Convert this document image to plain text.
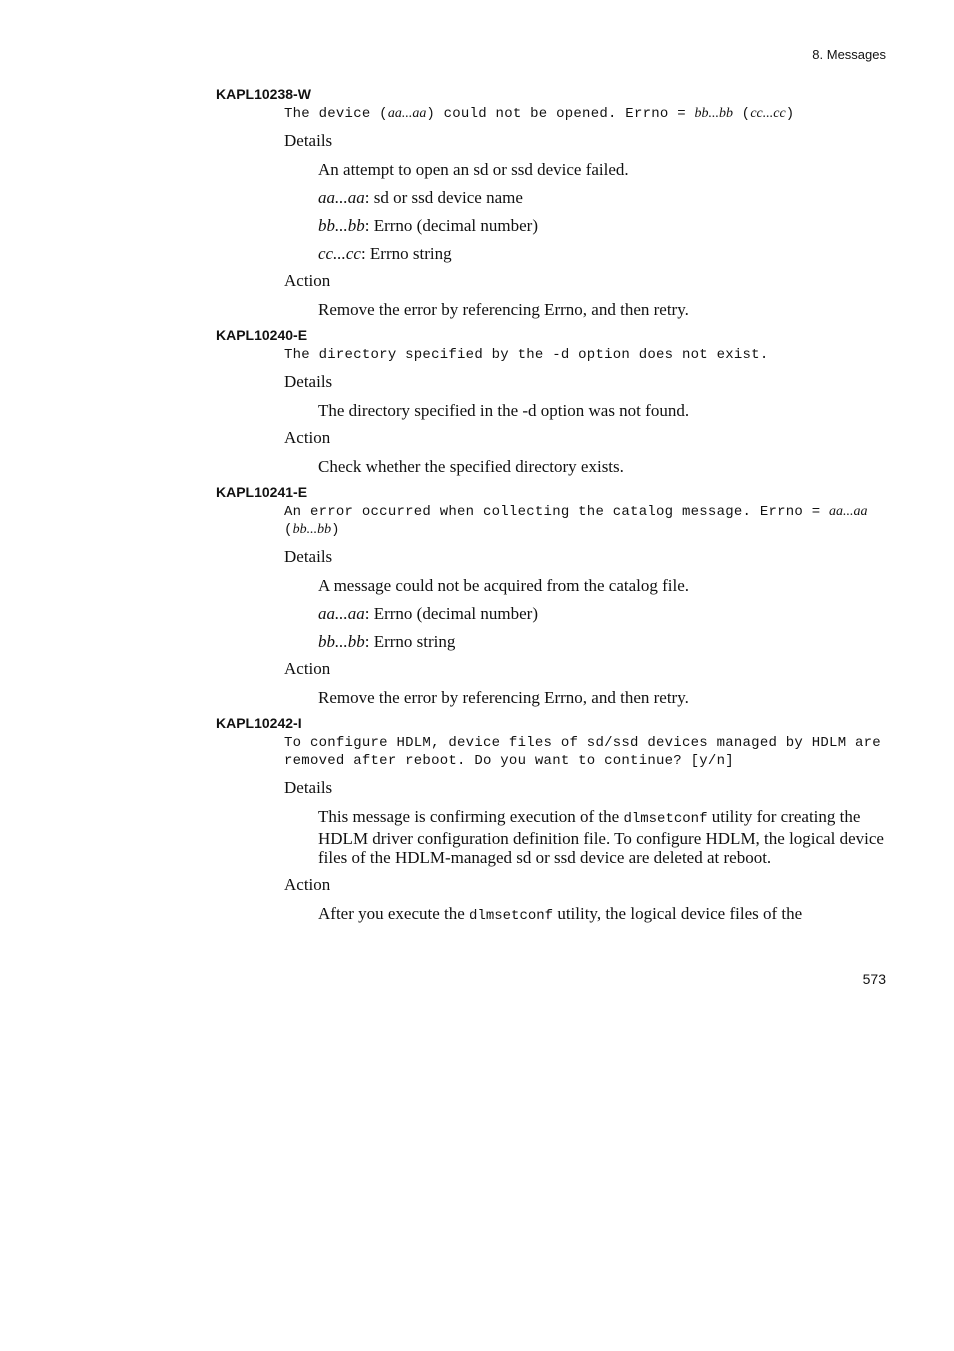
8. Messages
KAPL10238-W
The device (aa...aa) could not be opened. Errno = bb...bb (cc...cc)
Details
An attempt to open an sd or ssd device failed.
aa...aa: sd or ssd device name
bb...bb: Errno (decimal number)
cc...cc: Errno string
Action
Remove the error by referencing Errno, and then retry.
KAPL10240-E
The directory specified by the -d option does not exist.
Details
The directory specified in the -d option was not found.
Action
Check whether the specified directory exists.
KAPL10241-E
An error occurred when collecting the catalog message. Errno = aa...aa (bb...bb)
Details
A message could not be acquired from the catalog file.
aa...aa: Errno (decimal number)
bb...bb: Errno string
Action
Remove the error by referencing Errno, and then retry.
KAPL10242-I
To configure HDLM, device files of sd/ssd devices managed by HDLM are removed after reboot. Do you want to continue? [y/n]
Details
This message is confirming execution of the dlmsetconf utility for creating the HDLM driver configuration definition file. To configure HDLM, the logical device files of the HDLM-managed sd or ssd device are deleted at reboot.
Action
After you execute the dlmsetconf utility, the logical device files of the
573
